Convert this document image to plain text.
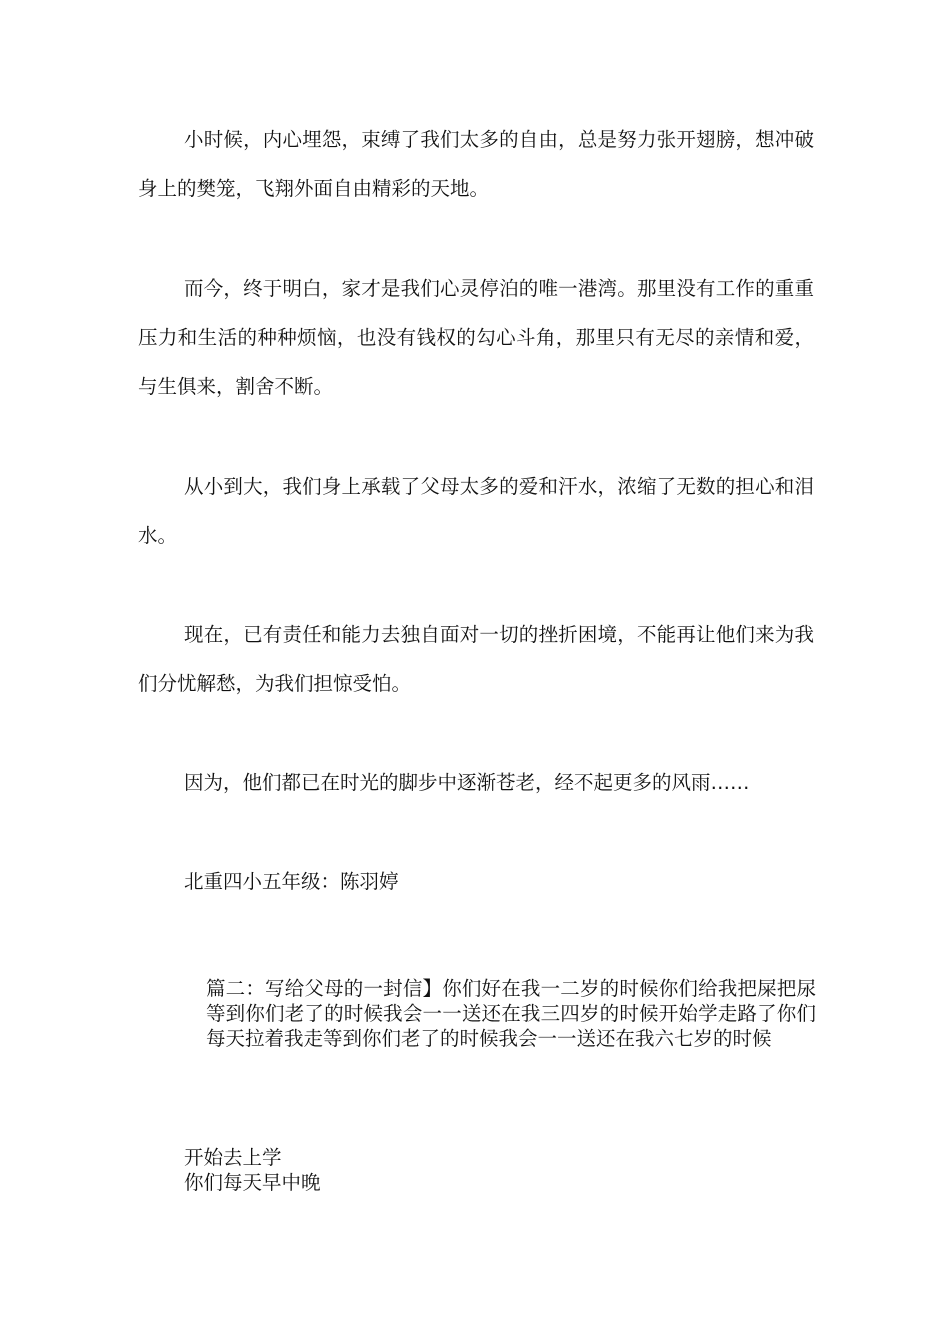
小时候，内心埋怨，束缚了我们太多的自由，总是努力张开翅膀，想冲破身上的樊笼，飞翔外面自由精彩的天地。

而今，终于明白，家才是我们心灵停泊的唯一港湾。那里没有工作的重重压力和生活的种种烦恼，也没有钱权的勾心斗角，那里只有无尽的亲情和爱，与生俱来，割舍不断。

从小到大，我们身上承载了父母太多的爱和汗水，浓缩了无数的担心和泪水。

现在，已有责任和能力去独自面对一切的挫折困境，不能再让他们来为我们分忧解愁，为我们担惊受怕。

因为，他们都已在时光的脚步中逐渐苍老，经不起更多的风雨……

北重四小五年级：陈羽婷

篇二：写给父母的一封信】你们好在我一二岁的时候你们给我把屎把尿等到你们老了的时候我会一一送还在我三四岁的时候开始学走路了你们每天拉着我走等到你们老了的时候我会一一送还在我六七岁的时候

开始去上学
你们每天早中晚
